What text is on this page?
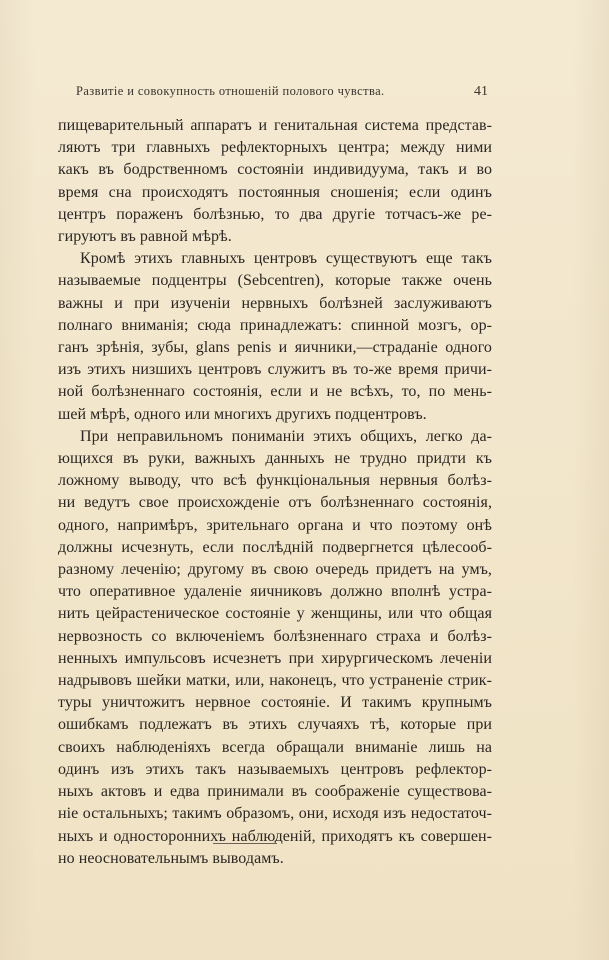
Развитіе и совокупность отношеній полового чувства.	41

пищеварительный аппаратъ и генитальная система представ-
ляютъ три главныхъ рефлекторныхъ центра; между ними
какъ въ бодрственномъ состояніи индивидуума, такъ и во
время сна происходятъ постоянныя сношенія; если одинъ
центръ пораженъ болѣзнью, то два другіе тотчасъ-же ре-
гируютъ въ равной мѣрѣ.

Кромѣ этихъ главныхъ центровъ существуютъ еще такъ
называемые подцентры (Sebcentren), которые также очень
важны и при изученіи нервныхъ болѣзней заслуживаютъ
полнаго вниманія; сюда принадлежатъ: спинной мозгъ, ор-
ганъ зрѣнія, зубы, glans penis и яичники,—страданіе одного
изъ этихъ низшихъ центровъ служитъ въ то-же время причи-
ной болѣзненнаго состоянія, если и не всѣхъ, то, по мень-
шей мѣрѣ, одного или многихъ другихъ подцентровъ.

При неправильномъ пониманіи этихъ общихъ, легко да-
ющихся въ руки, важныхъ данныхъ не трудно придти къ
ложному выводу, что всѣ функціональныя нервныя болѣз-
ни ведутъ свое происхожденіе отъ болѣзненнаго состоянія,
одного, напримѣръ, зрительнаго органа и что поэтому онѣ
должны исчезнуть, если послѣдній подвергнется цѣлесооб-
разному леченію; другому въ свою очередь придетъ на умъ,
что оперативное удаленіе яичниковъ должно вполнѣ устра-
нить цейрастеническое состояніе у женщины, или что общая
нервозность со включеніемъ болѣзненнаго страха и болѣз-
ненныхъ импульсовъ исчезнетъ при хирургическомъ леченіи
надрывовъ шейки матки, или, наконецъ, что устраненіе стрик-
туры уничтожитъ нервное состояніе. И такимъ крупнымъ
ошибкамъ подлежатъ въ этихъ случаяхъ тѣ, которые при
своихъ наблюденіяхъ всегда обращали вниманіе лишь на
одинъ изъ этихъ такъ называемыхъ центровъ рефлектор-
ныхъ актовъ и едва принимали въ соображеніе существова-
ніе остальныхъ; такимъ образомъ, они, исходя изъ недостаточ-
ныхъ и одностороннихъ наблюденій, приходятъ къ совершен-
но неосновательнымъ выводамъ.
